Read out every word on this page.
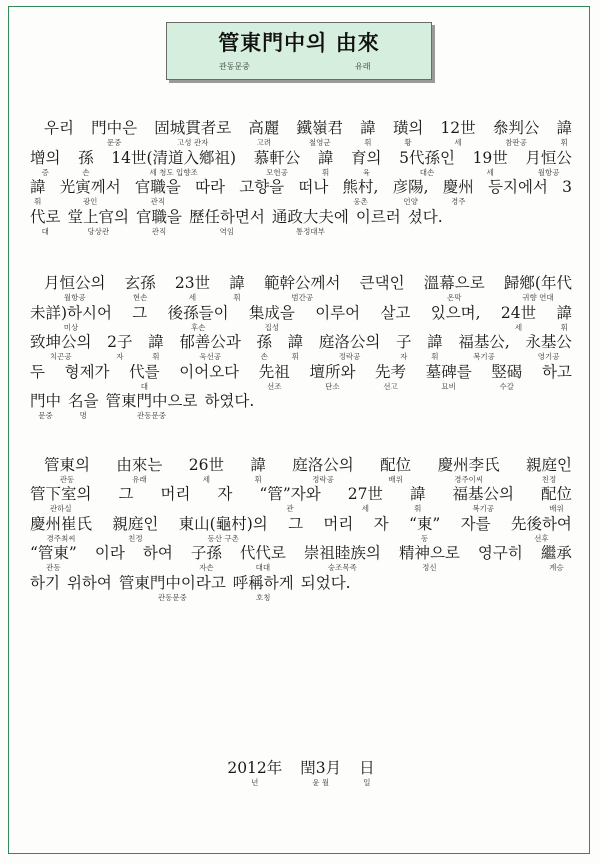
管東門中의 由來
관동문중	유래
우리 門中은
문중
固城貫者로
고성 관자
高麗
고려
鐵嶺君
철영군
諱
휘
璜의
황
12世
세
叅判公
참판공
諱
휘
增의
증
孫
손
14世(清道入鄕祖)
세 청도 입향조
慕軒公
모헌공
諱
휘
育의
육
5代孫인
대손
19世
세
月恒公
월항공
諱
휘
光寅께서
광인
官職을
관직
따라 고향을 떠나 熊村,
웅촌
彦陽,
언양
慶州
경주
등지에서 3
代로
대
堂上官의
당상관
官職을
관직
歷任하면서
역임
通政大夫에
통정대부
이르러 셨다.
月恒公의
월항공
玄孫
현손
23世
세
諱
휘
範幹公께서
범간공
큰댁인 溫幕으로
온막
歸鄕(年代
귀향 연대
未詳)하시어
미상
그 後孫들이
후손
集成을
집성
이루어 살고 있으며, 24世
세
諱
휘
致坤公의
치곤공
2子
자
諱
휘
郁善公과
욱선공
孫
손
諱
휘
庭洛公의
정락공
子
자
諱
휘
福基公,
복기공
永基公
영기공
두 형제가 代를
대
이어오다 先祖
선조
壇所와
단소
先考
선고
墓碑를
묘비
竪碣
수갈
하고
門中
문중
名을
명
管東門中으로
관동문중
하였다.
管東의
관동
由來는
유래
26世
세
諱
휘
庭洛公의
정락공
配位
배위
慶州李氏
경주이씨
親庭인
친정
管下室의
관하실
그 머리 자 “管”자와
관
27世
세
諱
휘
福基公의
복기공
配位
배위
慶州崔氏
경주최씨
親庭인
친정
東山(龜村)의
동산 구촌
그 머리 자 “東”
동
자를 先後하여
선후
“管東”
관동
이라 하여 子孫
자손
代代로
대대
崇祖睦族의
숭조목족
精神으로
정신
영구히 繼承
계승
하기 위하여 管東門中이라고
관동문중
呼稱하게
호칭
되었다.
2012年
년
閏3月
윤 월
日
일
